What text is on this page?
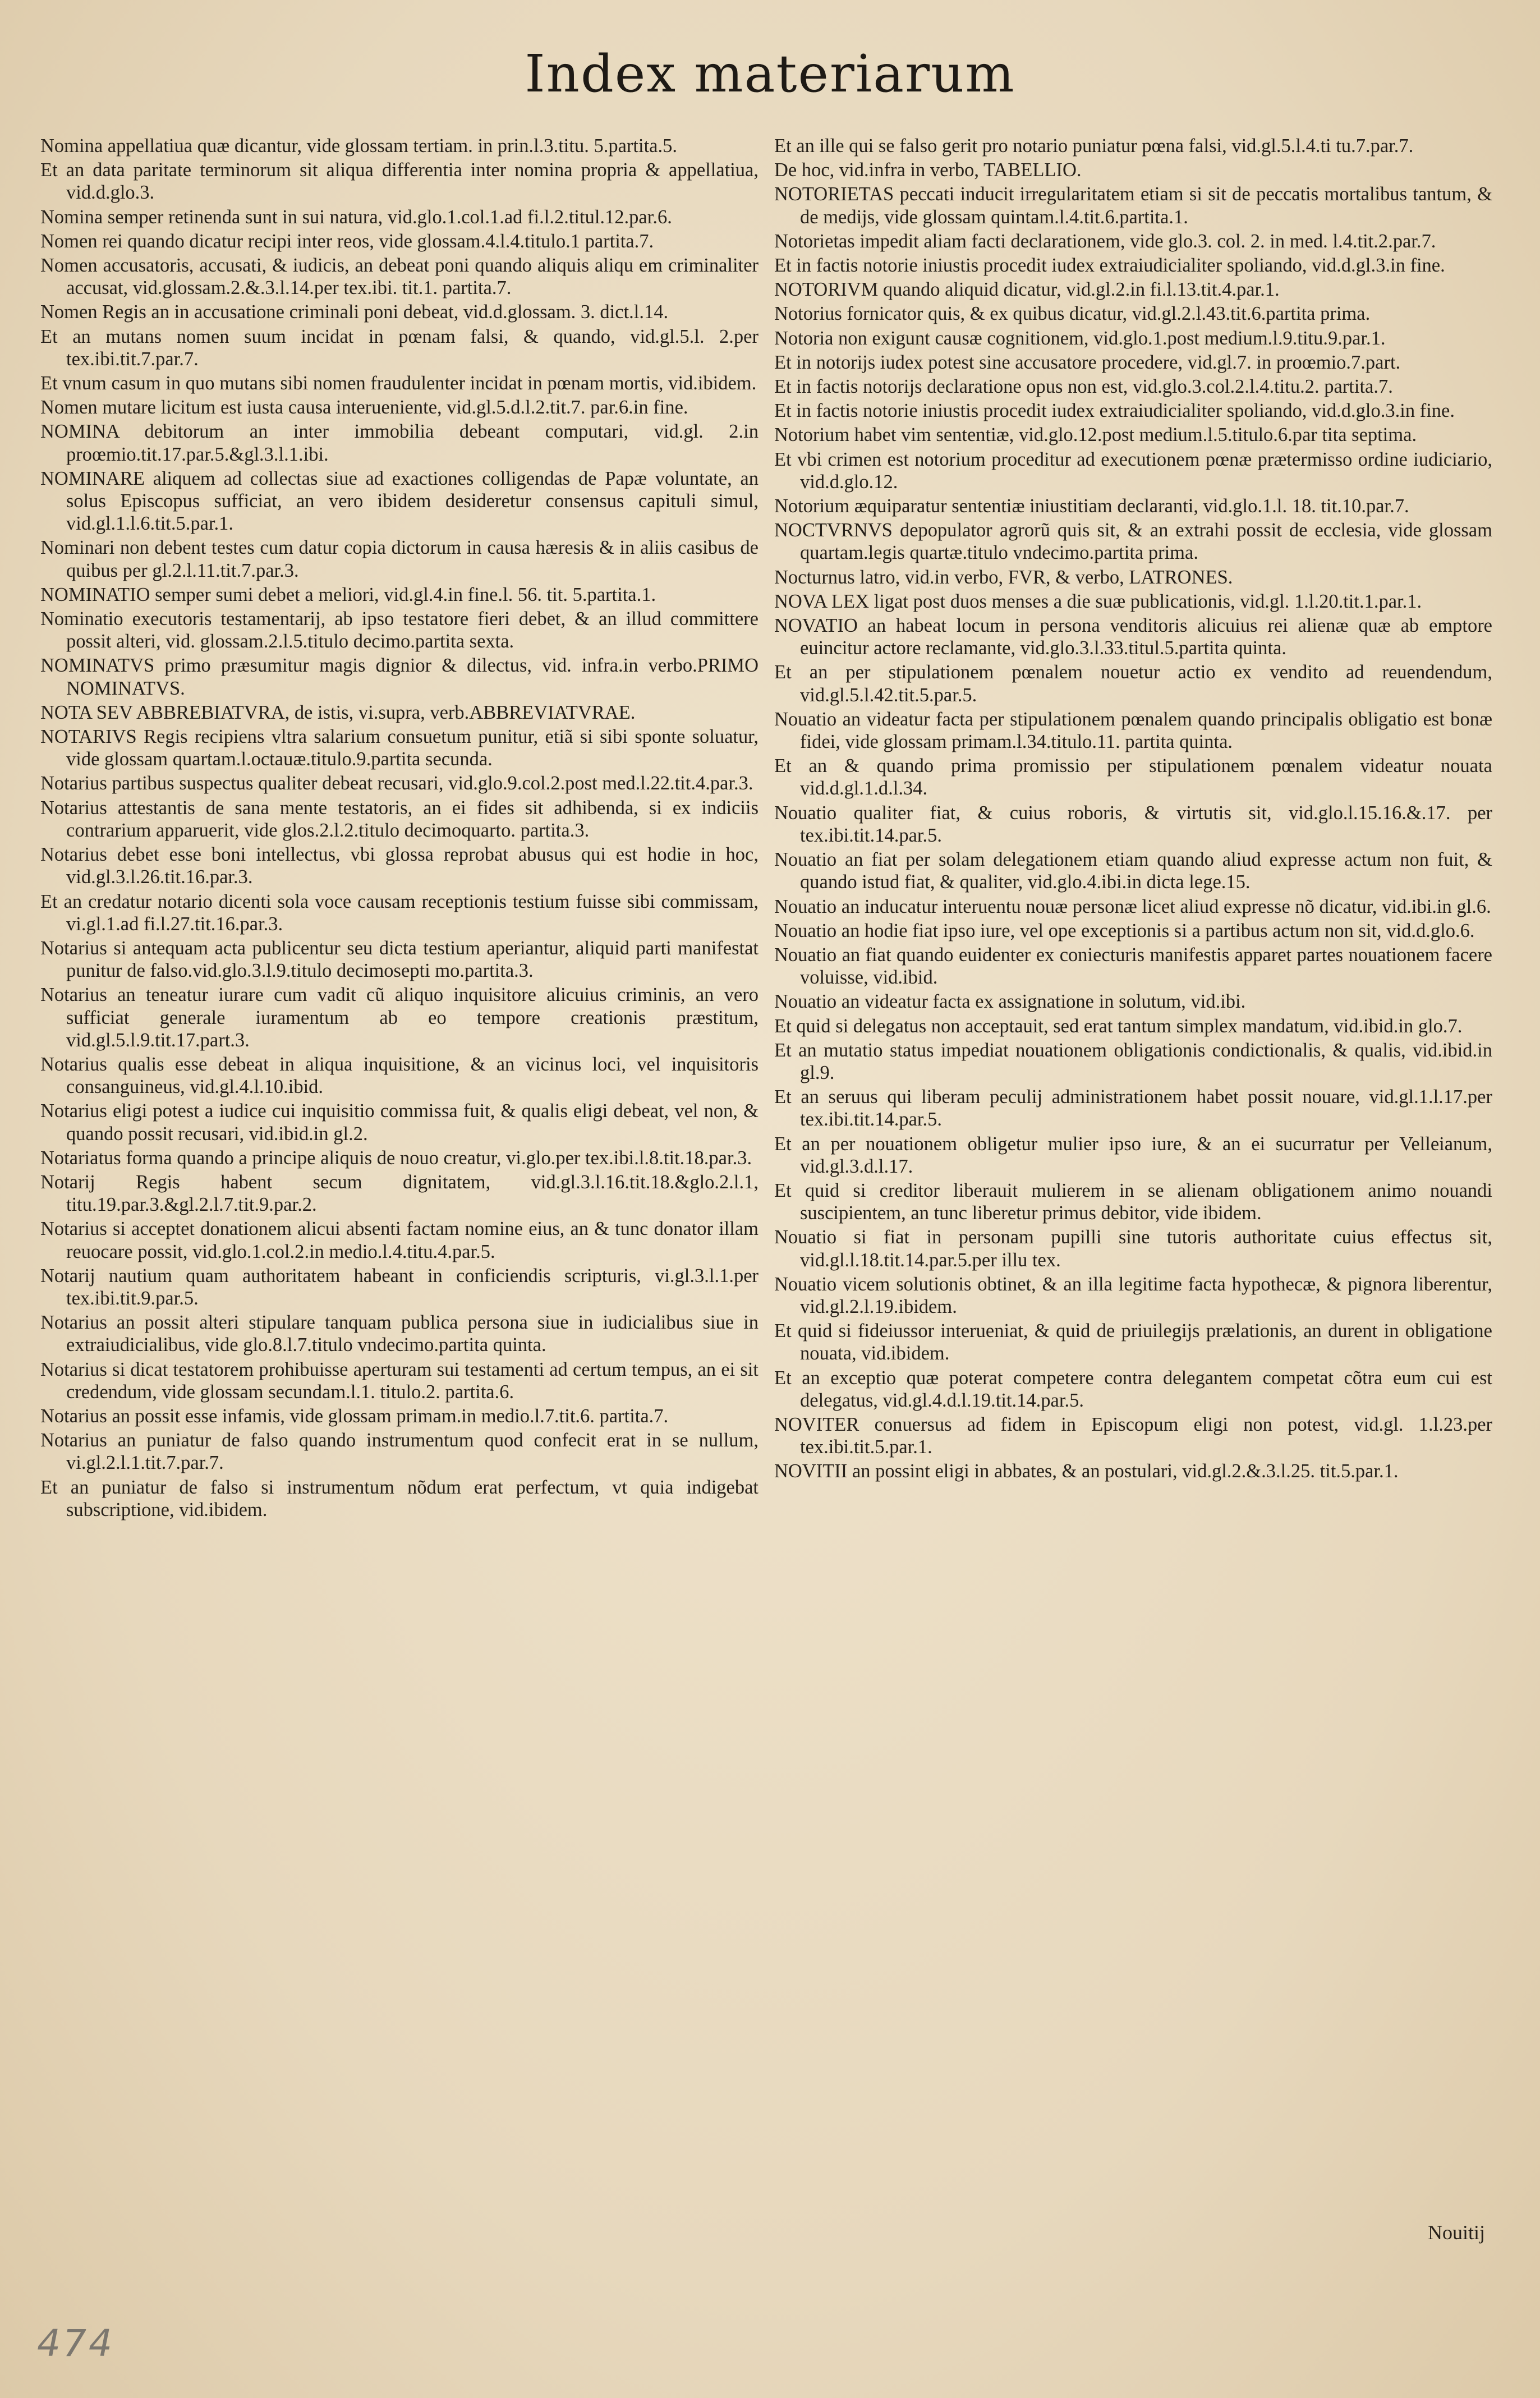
Index materiarum
Nomina appellatiua quæ dicantur, vide glossam tertiam. in prin.l.3.titu. 5.partita.5.
Et an data paritate terminorum sit aliqua differentia inter nomina propria & appellatiua, vid.d.glo.3.
Nomina semper retinenda sunt in sui natura, vid.glo.1.col.1.ad fi.l.2.titul.12.par.6.
Nomen rei quando dicatur recipi inter reos, vide glossam.4.l.4.titulo.1 partita.7.
Nomen accusatoris, accusati, & iudicis, an debeat poni quando aliquis aliqu em criminaliter accusat, vid.glossam.2.&.3.l.14.per tex.ibi. tit.1. partita.7.
Nomen Regis an in accusatione criminali poni debeat, vid.d.glossam. 3. dict.l.14.
Et an mutans nomen suum incidat in pœnam falsi, & quando, vid.gl.5.l. 2.per tex.ibi.tit.7.par.7.
Et vnum casum in quo mutans sibi nomen fraudulenter incidat in pœnam mortis, vid.ibidem.
Nomen mutare licitum est iusta causa interueniente, vid.gl.5.d.l.2.tit.7. par.6.in fine.
NOMINA debitorum an inter immobilia debeant computari, vid.gl. 2.in proœmio.tit.17.par.5.&gl.3.l.1.ibi.
NOMINARE aliquem ad collectas siue ad exactiones colligendas de Papæ voluntate, an solus Episcopus sufficiat, an vero ibidem desideretur consensus capituli simul, vid.gl.1.l.6.tit.5.par.1.
Nominari non debent testes cum datur copia dictorum in causa hæresis & in aliis casibus de quibus per gl.2.l.11.tit.7.par.3.
NOMINATIO semper sumi debet a meliori, vid.gl.4.in fine.l. 56. tit. 5.partita.1.
Nominatio executoris testamentarij, ab ipso testatore fieri debet, & an illud committere possit alteri, vid. glossam.2.l.5.titulo decimo.partita sexta.
NOMINATVS primo præsumitur magis dignior & dilectus, vid. infra.in verbo.PRIMO NOMINATVS.
NOTA SEV ABBREBIATVRA, de istis, vi.supra, verb.ABBREVIATVRAE.
NOTARIVS Regis recipiens vltra salarium consuetum punitur, etiã si sibi sponte soluatur, vide glossam quartam.l.octauæ.titulo.9.partita secunda.
Notarius partibus suspectus qualiter debeat recusari, vid.glo.9.col.2.post med.l.22.tit.4.par.3.
Notarius attestantis de sana mente testatoris, an ei fides sit adhibenda, si ex indiciis contrarium apparuerit, vide glos.2.l.2.titulo decimoquarto. partita.3.
Notarius debet esse boni intellectus, vbi glossa reprobat abusus qui est hodie in hoc, vid.gl.3.l.26.tit.16.par.3.
Et an credatur notario dicenti sola voce causam receptionis testium fuisse sibi commissam, vi.gl.1.ad fi.l.27.tit.16.par.3.
Notarius si antequam acta publicentur seu dicta testium aperiantur, aliquid parti manifestat punitur de falso.vid.glo.3.l.9.titulo decimosepti mo.partita.3.
Notarius an teneatur iurare cum vadit cũ aliquo inquisitore alicuius criminis, an vero sufficiat generale iuramentum ab eo tempore creationis præstitum, vid.gl.5.l.9.tit.17.part.3.
Notarius qualis esse debeat in aliqua inquisitione, & an vicinus loci, vel inquisitoris consanguineus, vid.gl.4.l.10.ibid.
Notarius eligi potest a iudice cui inquisitio commissa fuit, & qualis eligi debeat, vel non, & quando possit recusari, vid.ibid.in gl.2.
Notariatus forma quando a principe aliquis de nouo creatur, vi.glo.per tex.ibi.l.8.tit.18.par.3.
Notarij Regis habent secum dignitatem, vid.gl.3.l.16.tit.18.&glo.2.l.1, titu.19.par.3.&gl.2.l.7.tit.9.par.2.
Notarius si acceptet donationem alicui absenti factam nomine eius, an & tunc donator illam reuocare possit, vid.glo.1.col.2.in medio.l.4.titu.4.par.5.
Notarij nautium quam authoritatem habeant in conficiendis scripturis, vi.gl.3.l.1.per tex.ibi.tit.9.par.5.
Notarius an possit alteri stipulare tanquam publica persona siue in iudicialibus siue in extraiudicialibus, vide glo.8.l.7.titulo vndecimo.partita quinta.
Notarius si dicat testatorem prohibuisse aperturam sui testamenti ad certum tempus, an ei sit credendum, vide glossam secundam.l.1. titulo.2. partita.6.
Notarius an possit esse infamis, vide glossam primam.in medio.l.7.tit.6. partita.7.
Notarius an puniatur de falso quando instrumentum quod confecit erat in se nullum, vi.gl.2.l.1.tit.7.par.7.
Et an puniatur de falso si instrumentum nõdum erat perfectum, vt quia indigebat subscriptione, vid.ibidem.
Et an ille qui se falso gerit pro notario puniatur pœna falsi, vid.gl.5.l.4.ti tu.7.par.7.
De hoc, vid.infra in verbo, TABELLIO.
NOTORIETAS peccati inducit irregularitatem etiam si sit de peccatis mortalibus tantum, & de medijs, vide glossam quintam.l.4.tit.6.partita.1.
Notorietas impedit aliam facti declarationem, vide glo.3. col. 2. in med. l.4.tit.2.par.7.
Et in factis notorie iniustis procedit iudex extraiudicialiter spoliando, vid.d.gl.3.in fine.
NOTORIVM quando aliquid dicatur, vid.gl.2.in fi.l.13.tit.4.par.1.
Notorius fornicator quis, & ex quibus dicatur, vid.gl.2.l.43.tit.6.partita prima.
Notoria non exigunt causæ cognitionem, vid.glo.1.post medium.l.9.titu.9.par.1.
Et in notorijs iudex potest sine accusatore procedere, vid.gl.7. in proœmio.7.part.
Et in factis notorijs declaratione opus non est, vid.glo.3.col.2.l.4.titu.2. partita.7.
Et in factis notorie iniustis procedit iudex extraiudicialiter spoliando, vid.d.glo.3.in fine.
Notorium habet vim sententiæ, vid.glo.12.post medium.l.5.titulo.6.par tita septima.
Et vbi crimen est notorium proceditur ad executionem pœnæ prætermisso ordine iudiciario, vid.d.glo.12.
Notorium æquiparatur sententiæ iniustitiam declaranti, vid.glo.1.l. 18. tit.10.par.7.
NOCTVRNVS depopulator agrorũ quis sit, & an extrahi possit de ecclesia, vide glossam quartam.legis quartæ.titulo vndecimo.partita prima.
Nocturnus latro, vid.in verbo, FVR, & verbo, LATRONES.
NOVA LEX ligat post duos menses a die suæ publicationis, vid.gl. 1.l.20.tit.1.par.1.
NOVATIO an habeat locum in persona venditoris alicuius rei alienæ quæ ab emptore euincitur actore reclamante, vid.glo.3.l.33.titul.5.partita quinta.
Et an per stipulationem pœnalem nouetur actio ex vendito ad reuendendum, vid.gl.5.l.42.tit.5.par.5.
Nouatio an videatur facta per stipulationem pœnalem quando principalis obligatio est bonæ fidei, vide glossam primam.l.34.titulo.11. partita quinta.
Et an & quando prima promissio per stipulationem pœnalem videatur nouata vid.d.gl.1.d.l.34.
Nouatio qualiter fiat, & cuius roboris, & virtutis sit, vid.glo.l.15.16.&.17. per tex.ibi.tit.14.par.5.
Nouatio an fiat per solam delegationem etiam quando aliud expresse actum non fuit, & quando istud fiat, & qualiter, vid.glo.4.ibi.in dicta lege.15.
Nouatio an inducatur interuentu nouæ personæ licet aliud expresse nõ dicatur, vid.ibi.in gl.6.
Nouatio an hodie fiat ipso iure, vel ope exceptionis si a partibus actum non sit, vid.d.glo.6.
Nouatio an fiat quando euidenter ex coniecturis manifestis apparet partes nouationem facere voluisse, vid.ibid.
Nouatio an videatur facta ex assignatione in solutum, vid.ibi.
Et quid si delegatus non acceptauit, sed erat tantum simplex mandatum, vid.ibid.in glo.7.
Et an mutatio status impediat nouationem obligationis condictionalis, & qualis, vid.ibid.in gl.9.
Et an seruus qui liberam peculij administrationem habet possit nouare, vid.gl.1.l.17.per tex.ibi.tit.14.par.5.
Et an per nouationem obligetur mulier ipso iure, & an ei sucurratur per Velleianum, vid.gl.3.d.l.17.
Et quid si creditor liberauit mulierem in se alienam obligationem animo nouandi suscipientem, an tunc liberetur primus debitor, vide ibidem.
Nouatio si fiat in personam pupilli sine tutoris authoritate cuius effectus sit, vid.gl.l.18.tit.14.par.5.per illu tex.
Nouatio vicem solutionis obtinet, & an illa legitime facta hypothecæ, & pignora liberentur, vid.gl.2.l.19.ibidem.
Et quid si fideiussor interueniat, & quid de priuilegijs prælationis, an durent in obligatione nouata, vid.ibidem.
Et an exceptio quæ poterat competere contra delegantem competat cõtra eum cui est delegatus, vid.gl.4.d.l.19.tit.14.par.5.
NOVITER conuersus ad fidem in Episcopum eligi non potest, vid.gl. 1.l.23.per tex.ibi.tit.5.par.1.
NOVITII an possint eligi in abbates, & an postulari, vid.gl.2.&.3.l.25. tit.5.par.1.
Nouitij
474
